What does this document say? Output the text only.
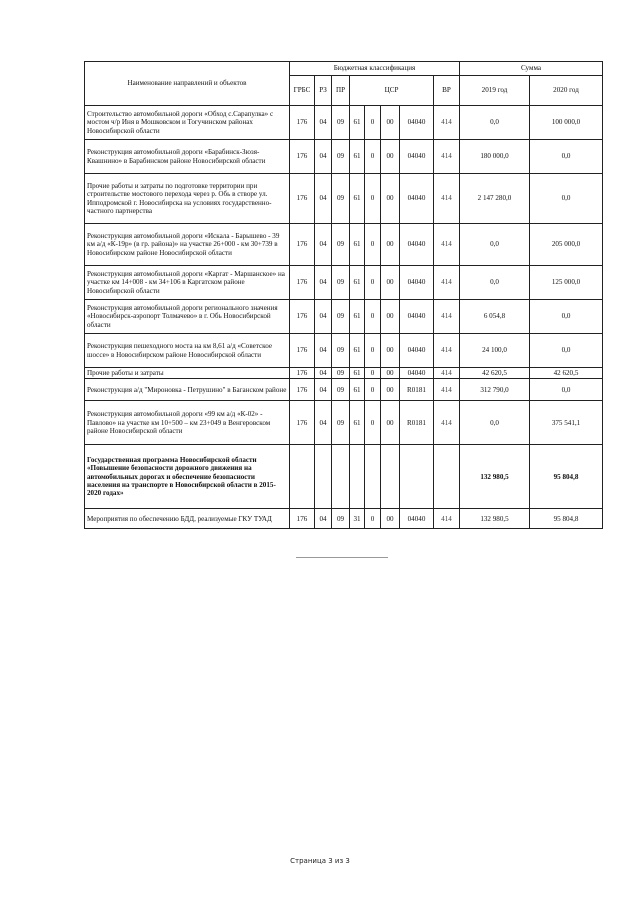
Наименование направлений и объектов	Бюджетная классификация								Сумма	
	ГРБС	РЗ	ПР	ЦСР				ВР	2019 год	2020 год
Строительство автомобильной дороги «Обход с.Сарапулка» с мостом ч/р Иня в Мошковском и Тогучинском районах Новосибирской области	176	04	09	61	0	00	04040	414	0,0	100 000,0
Реконструкция автомобильной дороги «Барабинск-Зюзя-Квашнино» в Барабинском районе Новосибирской области	176	04	09	61	0	00	04040	414	180 000,0	0,0
Прочие работы и затраты по подготовке территории при строительстве мостового перехода через р. Обь в створе ул. Ипподромской г. Новосибирска на условиях государственно-частного партнерства	176	04	09	61	0	00	04040	414	2 147 280,0	0,0
Реконструкция автомобильной дороги «Искала - Барышево - 39 км а/д «К-19р» (в гр. района)» на участке 26+000 - км 30+739 в Новосибирском районе Новосибирской области	176	04	09	61	0	00	04040	414	0,0	205 000,0
Реконструкция автомобильной дороги «Каргат - Маршанское» на участке км 14+008 - км 34+106 в Каргатском районе Новосибирской области	176	04	09	61	0	00	04040	414	0,0	125 000,0
Реконструкция автомобильной дороги регионального значения «Новосибирск-аэропорт Толмачево» в г. Обь Новосибирской области	176	04	09	61	0	00	04040	414	6 054,8	0,0
Реконструкция пешеходного моста на км 8,61 а/д «Советское шоссе» в Новосибирском районе Новосибирской области	176	04	09	61	0	00	04040	414	24 100,0	0,0
Прочие работы и затраты	176	04	09	61	0	00	04040	414	42 620,5	42 620,5
Реконструкция а/д "Мироновка - Петрушино" в Баганском районе	176	04	09	61	0	00	R0181	414	312 790,0	0,0
Реконструкция автомобильной дороги «99 км а/д «К-02» - Павлово» на участке км 10+500 – км 23+049 в Венгеровском районе Новосибирской области	176	04	09	61	0	00	R0181	414	0,0	375 541,1
Государственная программа Новосибирской области «Повышение безопасности дорожного движения на автомобильных дорогах и обеспечение безопасности населения на транспорте в Новосибирской области в 2015-2020 годах»									132 980,5	95 804,8
Мероприятия по обеспечению БДД, реализуемые ГКУ ТУАД	176	04	09	31	0	00	04040	414	132 980,5	95 804,8
Страница 3 из 3
